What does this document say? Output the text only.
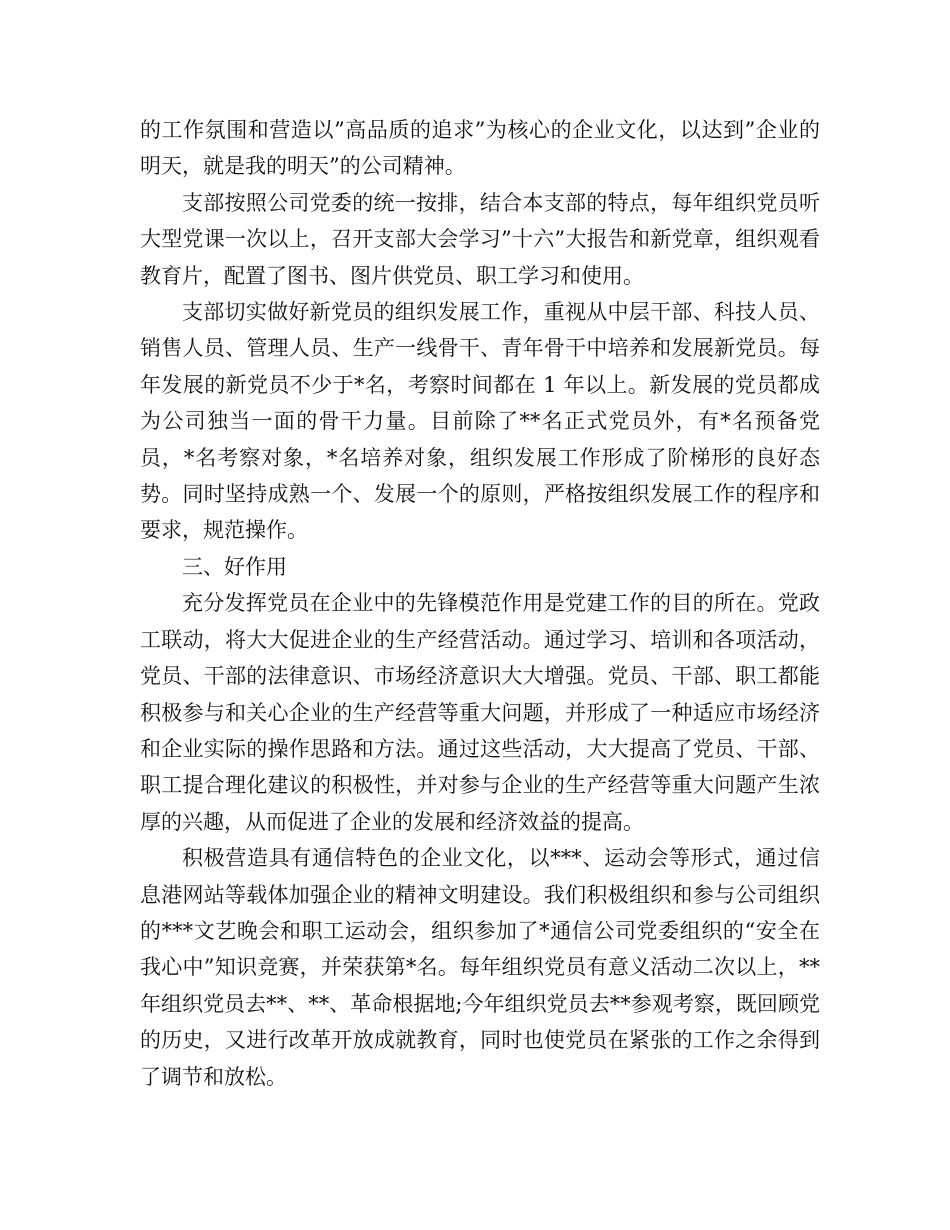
的工作氛围和营造以”高品质的追求”为核心的企业文化，以达到”企业的明天，就是我的明天”的公司精神。

支部按照公司党委的统一按排，结合本支部的特点，每年组织党员听大型党课一次以上，召开支部大会学习”十六”大报告和新党章，组织观看教育片，配置了图书、图片供党员、职工学习和使用。

支部切实做好新党员的组织发展工作，重视从中层干部、科技人员、销售人员、管理人员、生产一线骨干、青年骨干中培养和发展新党员。每年发展的新党员不少于*名，考察时间都在 1 年以上。新发展的党员都成为公司独当一面的骨干力量。目前除了**名正式党员外，有*名预备党员，*名考察对象，*名培养对象，组织发展工作形成了阶梯形的良好态势。同时坚持成熟一个、发展一个的原则，严格按组织发展工作的程序和要求，规范操作。

三、好作用

充分发挥党员在企业中的先锋模范作用是党建工作的目的所在。党政工联动，将大大促进企业的生产经营活动。通过学习、培训和各项活动，党员、干部的法律意识、市场经济意识大大增强。党员、干部、职工都能积极参与和关心企业的生产经营等重大问题，并形成了一种适应市场经济和企业实际的操作思路和方法。通过这些活动，大大提高了党员、干部、职工提合理化建议的积极性，并对参与企业的生产经营等重大问题产生浓厚的兴趣，从而促进了企业的发展和经济效益的提高。

积极营造具有通信特色的企业文化，以***、运动会等形式，通过信息港网站等载体加强企业的精神文明建设。我们积极组织和参与公司组织的***文艺晚会和职工运动会，组织参加了*通信公司党委组织的“安全在我心中”知识竞赛，并荣获第*名。每年组织党员有意义活动二次以上，**年组织党员去**、**、革命根据地;今年组织党员去**参观考察，既回顾党的历史，又进行改革开放成就教育，同时也使党员在紧张的工作之余得到了调节和放松。
